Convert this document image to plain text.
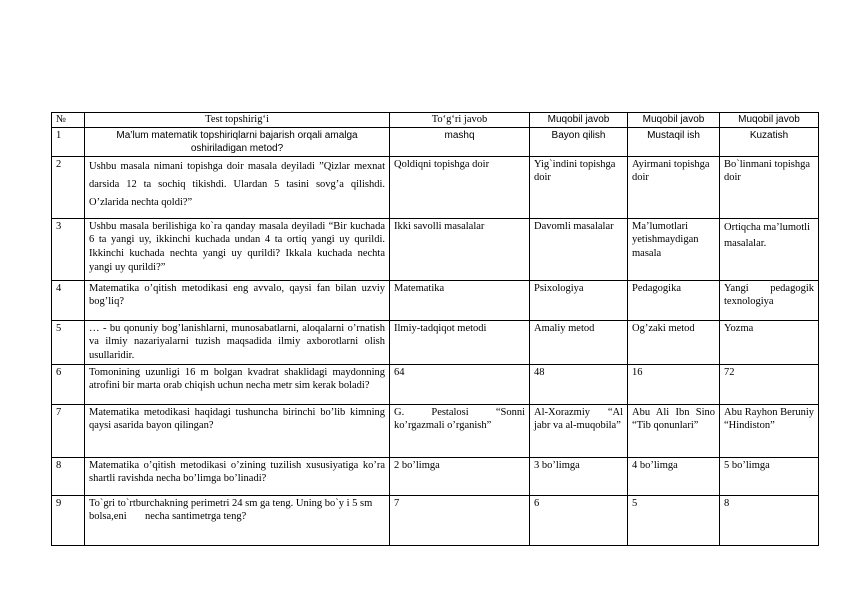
№	Test topshirig‘i	To‘g‘ri javob	Muqobil javob	Muqobil javob	Muqobil javob
1	Ma’lum matematik topshiriqlarni bajarish orqali amalga oshiriladigan metod?	mashq	Bayon qilish	Mustaqil ish	Kuzatish
2	Ushbu masala nimani topishga doir masala deyiladi ”Qizlar mexnat darsida 12 ta sochiq tikishdi. Ulardan 5 tasini sovg’a qilishdi. O’zlarida nechta qoldi?”	Qoldiqni topishga doir	Yig`indini topishga doir	Ayirmani topishga doir	Bo`linmani topishga doir
3	Ushbu masala berilishiga ko`ra qanday masala deyiladi “Bir kuchada 6 ta yangi uy, ikkinchi kuchada undan 4 ta ortiq yangi uy qurildi. Ikkinchi kuchada nechta yangi uy qurildi? Ikkala kuchada nechta yangi uy qurildi?”	Ikki savolli masalalar	Davomli masalalar	Ma’lumotlari yetishmaydigan masala	Ortiqcha ma’lumotli masalalar.
4	Matematika o’qitish metodikasi eng avvalo, qaysi fan bilan uzviy bog’liq?	Matematika	Psixologiya	Pedagogika	Yangi pedagogik texnologiya
5	… - bu qonuniy bog’lanishlarni, munosabatlarni, aloqalarni o’rnatish va ilmiy nazariyalarni tuzish maqsadida ilmiy axborotlarni olish usullaridir.	Ilmiy-tadqiqot metodi	Amaliy metod	Og’zaki metod	Yozma
6	Tomonining uzunligi 16 m bolgan kvadrat shaklidagi maydonning atrofini bir marta orab chiqish uchun necha metr sim kerak boladi?	64	48	16	72
7	Matematika metodikasi haqidagi tushuncha birinchi bo’lib kimning qaysi asarida bayon qilingan?	G. Pestalosi “Sonni ko’rgazmali o’rganish”	Al-Xorazmiy “Al jabr va al-muqobila”	Abu Ali Ibn Sino “Tib qonunlari”	Abu Rayhon Beruniy “Hindiston”
8	Matematika o’qitish metodikasi o’zining tuzilish xususiyatiga ko’ra shartli ravishda necha bo’limga bo’linadi?	2 bo’limga	3 bo’limga	4 bo’limga	5 bo’limga
9	To`gri to`rtburchakning perimetri 24 sm ga teng. Uning bo`y i 5 sm bolsa,eni       necha santimetrga teng?	7	6	5	8
